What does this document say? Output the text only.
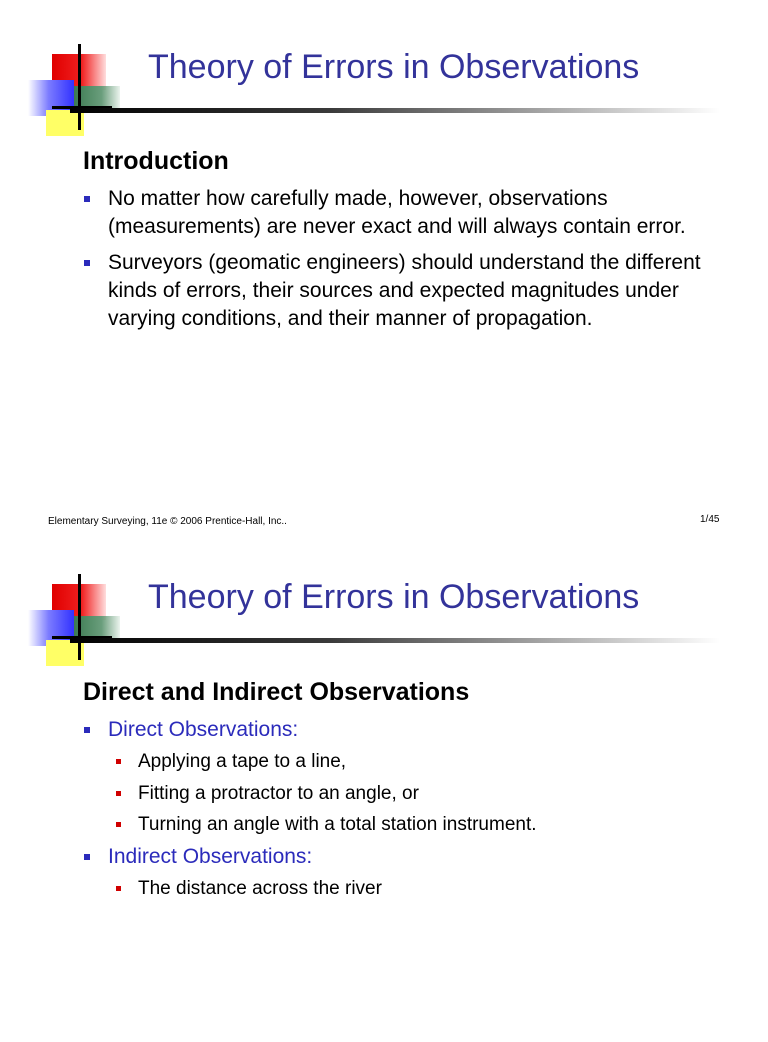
Theory of Errors in Observations
Introduction
No matter how carefully made, however, observations (measurements) are never exact and will always contain error.
Surveyors (geomatic engineers) should understand the different kinds of errors, their sources and expected magnitudes under varying conditions, and their manner of propagation.
Elementary Surveying, 11e © 2006 Prentice-Hall, Inc..	1/45
Theory of Errors in Observations
Direct and Indirect Observations
Direct Observations:
Applying a tape to a line,
Fitting a protractor to an angle, or
Turning an angle with a total station instrument.
Indirect Observations:
The distance across the river
